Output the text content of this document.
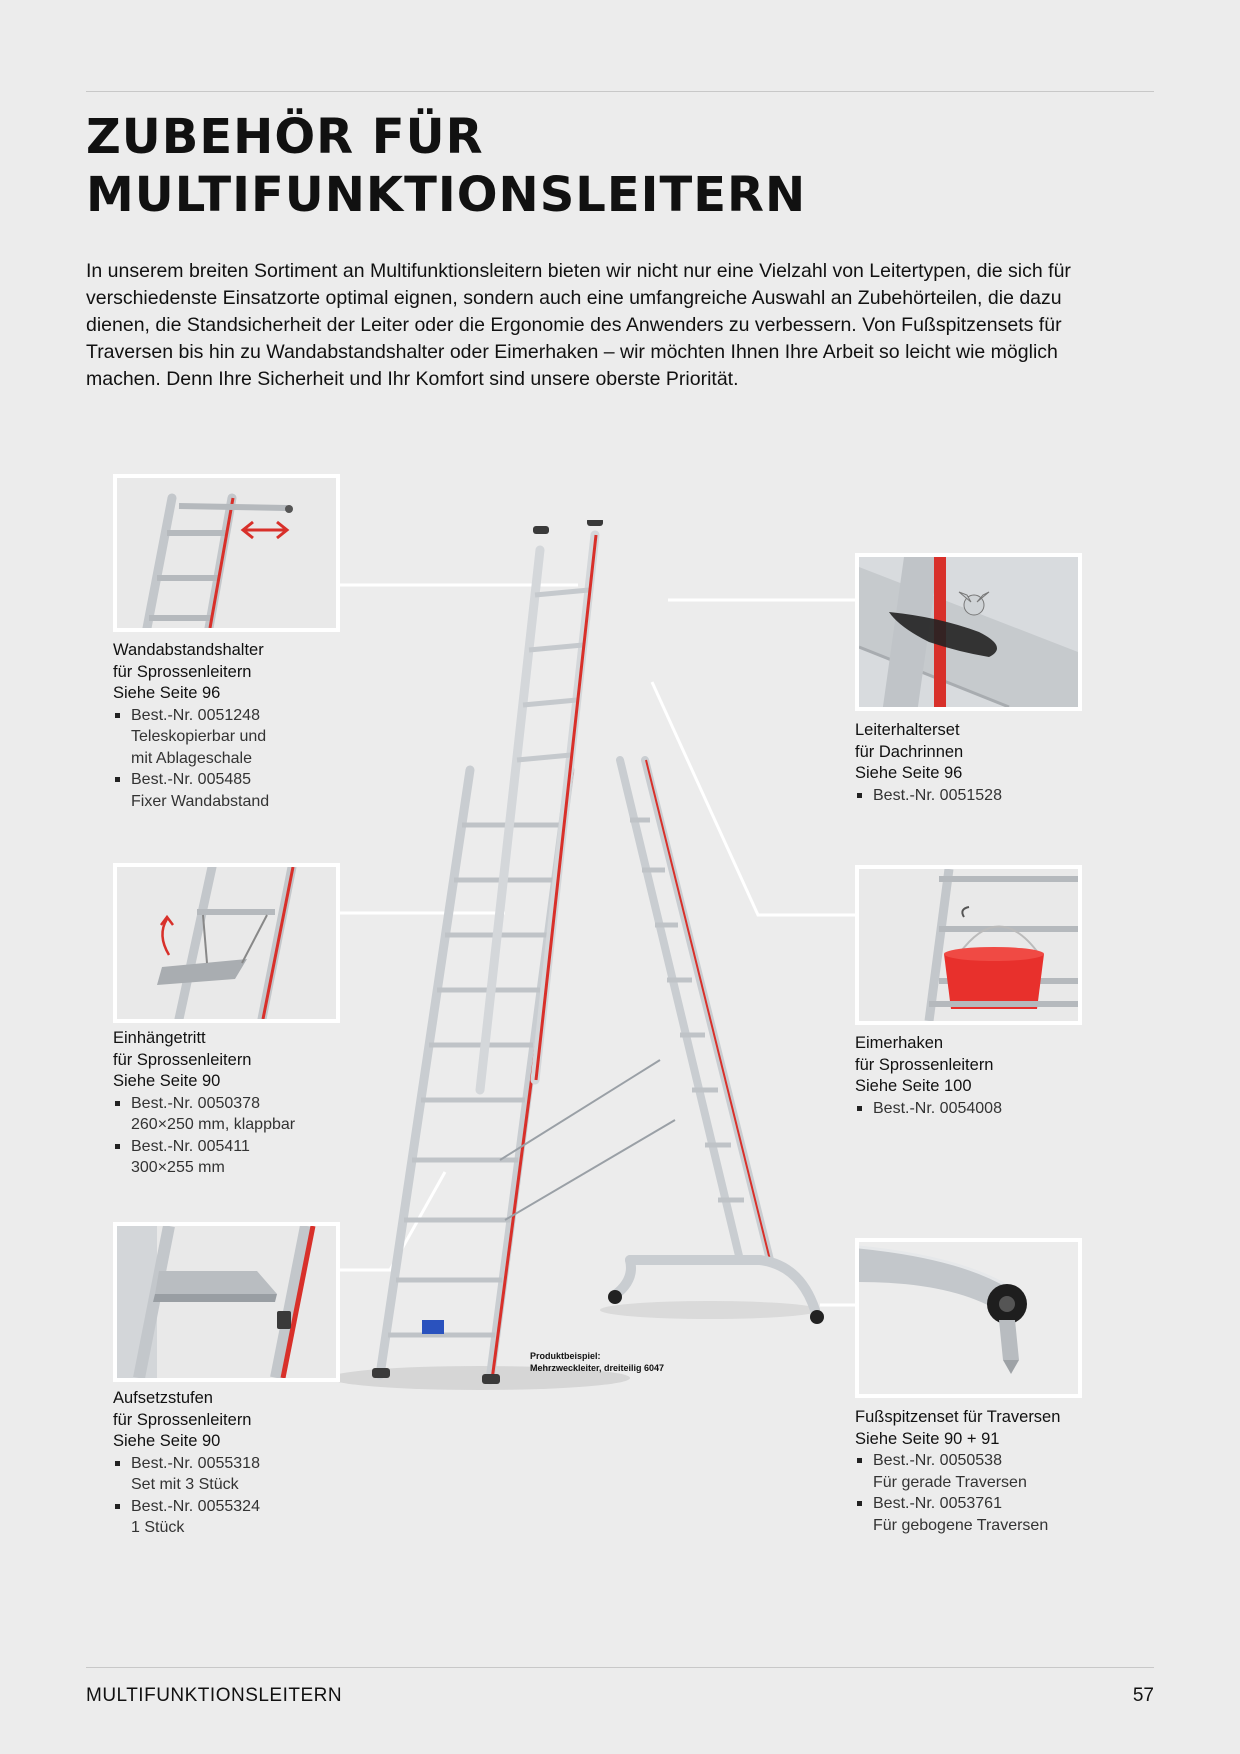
ZUBEHÖR FÜR
MULTIFUNKTIONSLEITERN

In unserem breiten Sortiment an Multifunktionsleitern bieten wir nicht nur eine Vielzahl von Leitertypen, die sich für verschiedenste Einsatzorte optimal eignen, sondern auch eine umfangreiche Auswahl an Zubehörteilen, die dazu dienen, die Standsicherheit der Leiter oder die Ergonomie des Anwenders zu verbessern. Von Fußspitzensets für Traversen bis hin zu Wandabstandshalter oder Eimerhaken – wir möchten Ihnen Ihre Arbeit so leicht wie möglich machen. Denn Ihre Sicherheit und Ihr Komfort sind unsere oberste Priorität.

Wandabstandshalter
für Sprossenleitern
Siehe Seite 96
Best.-Nr. 0051248
Teleskopierbar und
mit Ablageschale
Best.-Nr. 005485
Fixer Wandabstand
Einhängetritt
für Sprossenleitern
Siehe Seite 90
Best.-Nr. 0050378
260×250 mm, klappbar
Best.-Nr. 005411
300×255 mm
Aufsetzstufen
für Sprossenleitern
Siehe Seite 90
Best.-Nr. 0055318
Set mit 3 Stück
Best.-Nr. 0055324
1 Stück
Leiterhalterset
für Dachrinnen
Siehe Seite 96
Best.-Nr. 0051528
Eimerhaken
für Sprossenleitern
Siehe Seite 100
Best.-Nr. 0054008
Fußspitzenset für Traversen
Siehe Seite 90 + 91
Best.-Nr. 0050538
Für gerade Traversen
Best.-Nr. 0053761
Für gebogene Traversen
Produktbeispiel:
Mehrzweckleiter, dreiteilig 6047
MULTIFUNKTIONSLEITERN	57
